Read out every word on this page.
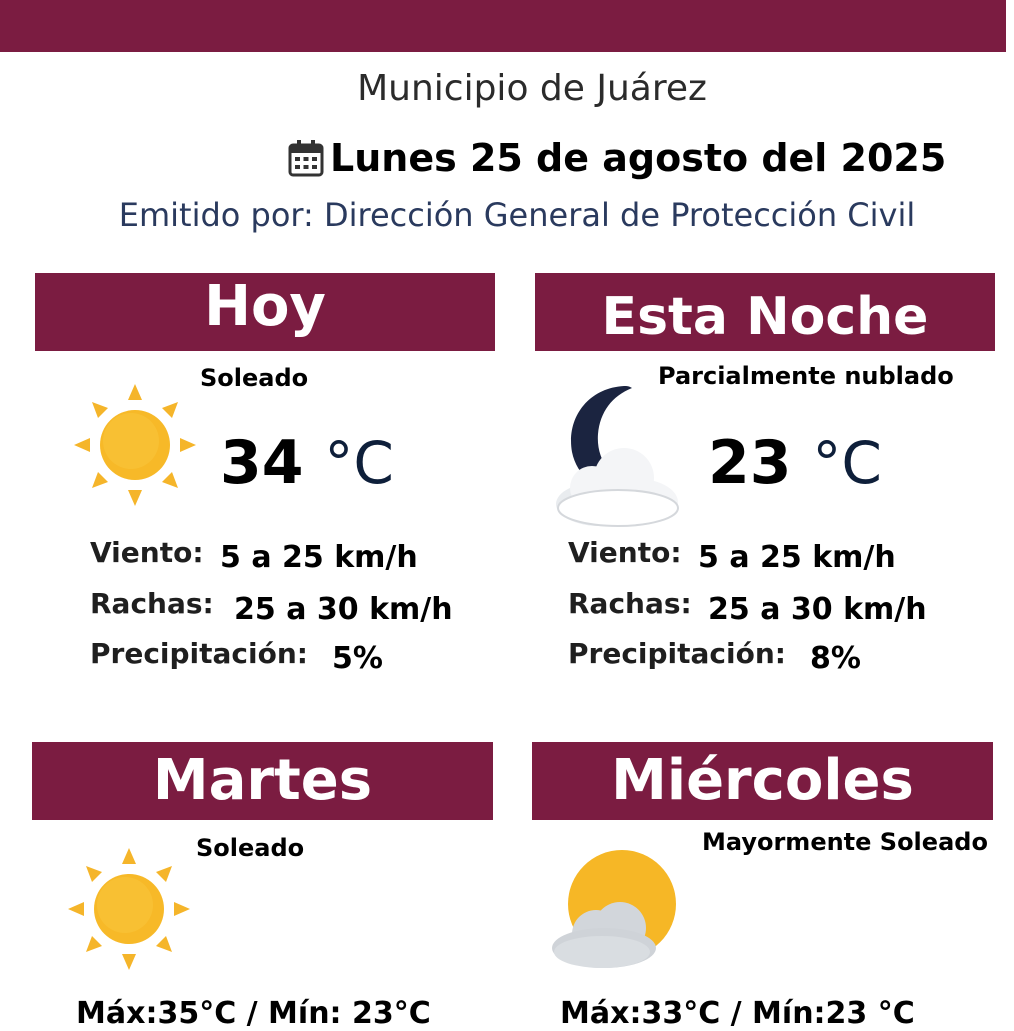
Municipio de Juárez
Lunes 25 de agosto del 2025
Emitido por: Dirección General de Protección Civil
Hoy
Soleado
34 °C
Viento: 5 a 25 km/h
Rachas: 25 a 30 km/h
Precipitación: 5%
Esta Noche
Parcialmente nublado
23 °C
Viento: 5 a 25 km/h
Rachas: 25 a 30 km/h
Precipitación: 8%
Martes
Soleado
Máx:35°C / Mín: 23°C
Miércoles
Mayormente Soleado
Máx:33°C / Mín:23 °C
